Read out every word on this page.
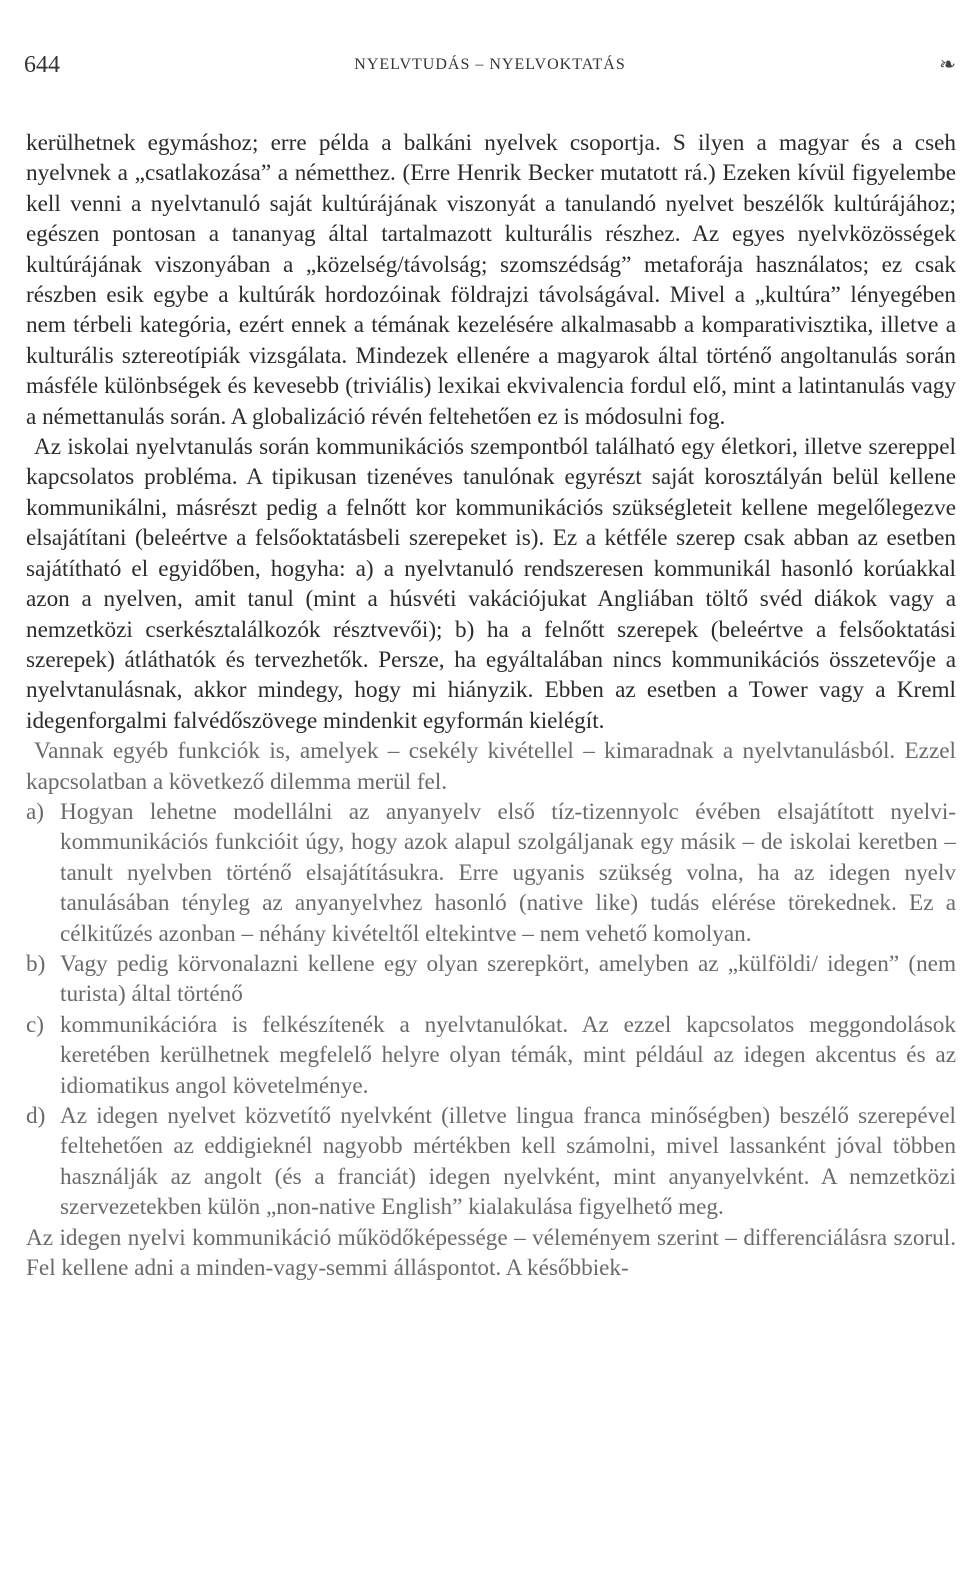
644	NYELVTUDÁS – NYELVOKTATÁS	❧

kerülhetnek egymáshoz; erre példa a balkáni nyelvek csoportja. S ilyen a magyar és a cseh nyelvnek a „csatlakozása” a németthez. (Erre Henrik Becker mutatott rá.) Ezeken kívül figyelembe kell venni a nyelvtanuló saját kultúrájának viszonyát a tanulandó nyelvet beszélők kultúrájához; egészen pontosan a tananyag által tartalmazott kulturális részhez. Az egyes nyelvközösségek kultúrájának viszonyában a „közelség/távolság; szomszédság” metaforája használatos; ez csak részben esik egybe a kultúrák hordozóinak földrajzi távolságával. Mivel a „kultúra” lényegében nem térbeli kategória, ezért ennek a témának kezelésére alkalmasabb a komparativisztika, illetve a kulturális sztereotípiák vizsgálata. Mindezek ellenére a magyarok által történő angoltanulás során másféle különbségek és kevesebb (triviális) lexikai ekvivalencia fordul elő, mint a latintanulás vagy a némettanulás során. A globalizáció révén feltehetően ez is módosulni fog.

Az iskolai nyelvtanulás során kommunikációs szempontból található egy életkori, illetve szereppel kapcsolatos probléma. A tipikusan tizenéves tanulónak egyrészt saját korosztályán belül kellene kommunikálni, másrészt pedig a felnőtt kor kommunikációs szükségleteit kellene megelőlegezve elsajátítani (beleértve a felsőoktatásbeli szerepeket is). Ez a kétféle szerep csak abban az esetben sajátítható el egyidőben, hogyha: a) a nyelvtanuló rendszeresen kommunikál hasonló korúakkal azon a nyelven, amit tanul (mint a húsvéti vakációjukat Angliában töltő svéd diákok vagy a nemzetközi cserkésztalálkozók résztvevői); b) ha a felnőtt szerepek (beleértve a felsőoktatási szerepek) átláthatók és tervezhetők. Persze, ha egyáltalában nincs kommunikációs összetevője a nyelvtanulásnak, akkor mindegy, hogy mi hiányzik. Ebben az esetben a Tower vagy a Kreml idegenforgalmi falvédőszövege mindenkit egyformán kielégít.

Vannak egyéb funkciók is, amelyek – csekély kivétellel – kimaradnak a nyelvtanulásból. Ezzel kapcsolatban a következő dilemma merül fel.

a) Hogyan lehetne modellálni az anyanyelv első tíz-tizennyolc évében elsajátított nyelvi-kommunikációs funkcióit úgy, hogy azok alapul szolgáljanak egy másik – de iskolai keretben – tanult nyelvben történő elsajátításukra. Erre ugyanis szükség volna, ha az idegen nyelv tanulásában tényleg az anyanyelvhez hasonló (native like) tudás elérése törekednek. Ez a célkitűzés azonban – néhány kivételtől eltekintve – nem vehető komolyan.

b) Vagy pedig körvonalazni kellene egy olyan szerepkört, amelyben az „külföldi/ idegen” (nem turista) által történő

c) kommunikációra is felkészítenék a nyelvtanulókat. Az ezzel kapcsolatos meggondolások keretében kerülhetnek megfelelő helyre olyan témák, mint például az idegen akcentus és az idiomatikus angol követelménye.

d) Az idegen nyelvet közvetítő nyelvként (illetve lingua franca minőségben) beszélő szerepével feltehetően az eddigieknél nagyobb mértékben kell számolni, mivel lassanként jóval többen használják az angolt (és a franciát) idegen nyelvként, mint anyanyelvként. A nemzetközi szervezetekben külön „non-native English” kialakulása figyelhető meg.

Az idegen nyelvi kommunikáció működőképessége – véleményem szerint – differenciálásra szorul. Fel kellene adni a minden-vagy-semmi álláspontot. A későbbiek-
